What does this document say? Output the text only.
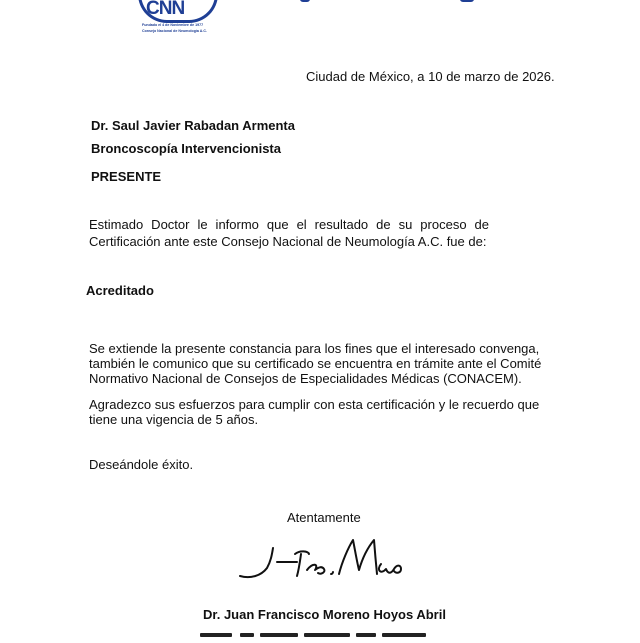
CNN
Fundado el 4 de Noviembre de 1977
Consejo Nacional de Neumología A.C.
Ciudad de México, a 10 de marzo de 2026.
Dr. Saul Javier Rabadan Armenta
Broncoscopía Intervencionista
PRESENTE
Estimado Doctor le informo que el resultado de su proceso de Certificación ante este Consejo Nacional de Neumología A.C. fue de:
Acreditado
Se extiende la presente constancia para los fines que el interesado convenga, también le comunico que su certificado se encuentra en trámite ante el Comité Normativo Nacional de Consejos de Especialidades Médicas (CONACEM).
Agradezco sus esfuerzos para cumplir con esta certificación y le recuerdo que tiene una vigencia de 5 años.
Deseándole éxito.
Atentamente
Dr. Juan Francisco Moreno Hoyos Abril
